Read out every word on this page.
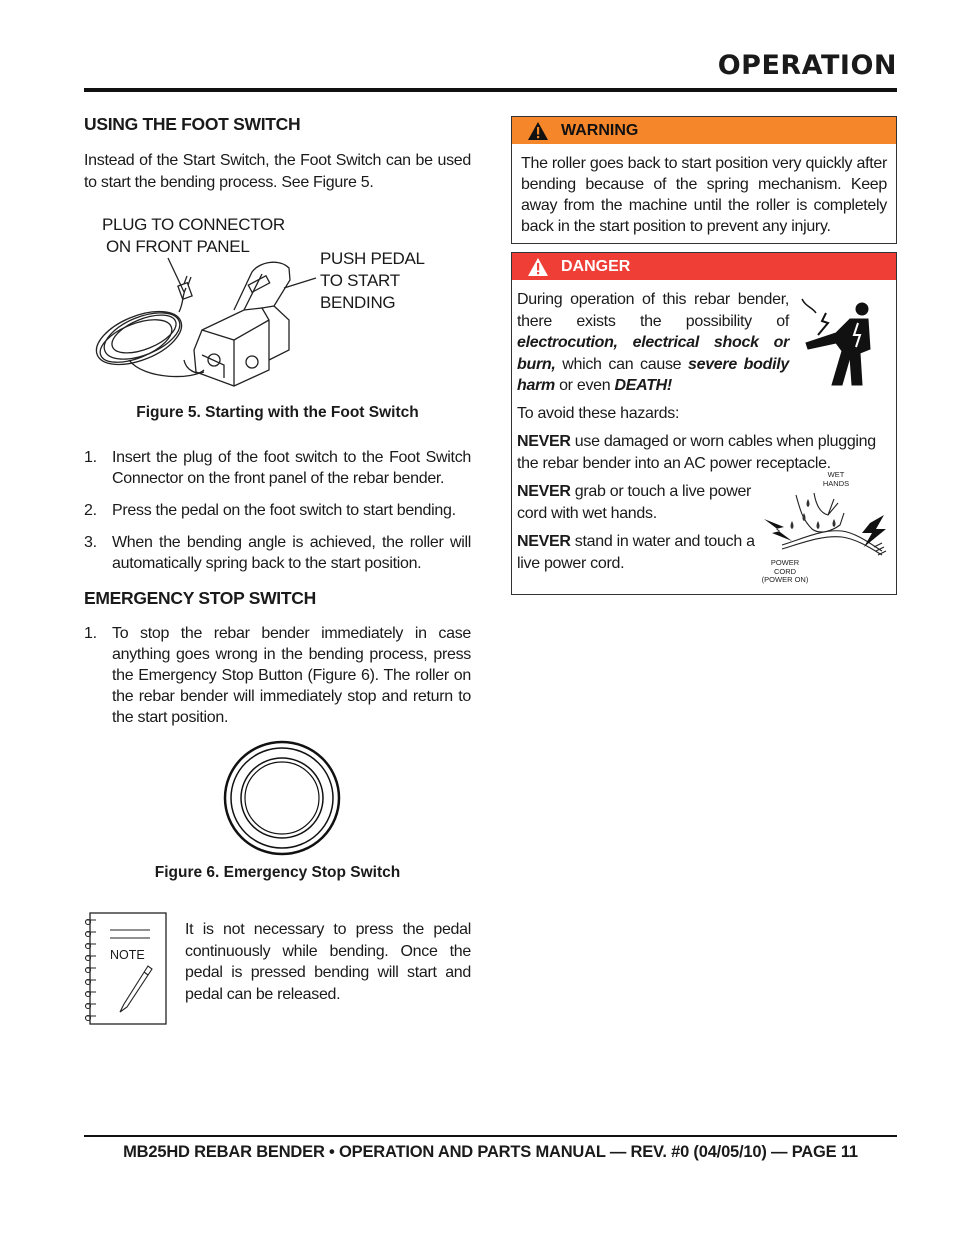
OPERATION
USING THE FOOT SWITCH
Instead of the Start Switch, the Foot Switch can be used to start the bending process. See Figure 5.
PLUG TO CONNECTOR
ON FRONT PANEL
PUSH PEDAL
TO START BENDING
Figure 5. Starting with the Foot Switch
1. Insert the plug of the foot switch to the Foot Switch Connector on the front panel of the rebar bender.
2. Press the pedal on the foot switch to start bending.
3. When the bending angle is achieved, the roller will automatically spring back to the start position.
EMERGENCY STOP SWITCH
1. To stop the rebar bender immediately in case anything goes wrong in the bending process, press the Emergency Stop Button (Figure 6). The roller on the rebar bender will immediately stop and return to the start position.
Figure 6. Emergency Stop Switch
NOTE
It is not necessary to press the pedal continuously while bending. Once the pedal is pressed bending will start and pedal can be released.
WARNING
The roller goes back to start position very quickly after bending because of the spring mechanism. Keep away from the machine until the roller is completely back in the start position to prevent any injury.
DANGER
During operation of this rebar bender, there exists the possibility of electrocution, electrical shock or burn, which can cause severe bodily harm or even DEATH!
To avoid these hazards:
NEVER use damaged or worn cables when plugging the rebar bender into an AC power receptacle.
NEVER grab or touch a live power cord with wet hands.
NEVER stand in water and touch a live power cord.
WET
HANDS
POWER
CORD
(POWER ON)
MB25HD REBAR BENDER • OPERATION AND PARTS MANUAL — REV. #0 (04/05/10) — PAGE 11
